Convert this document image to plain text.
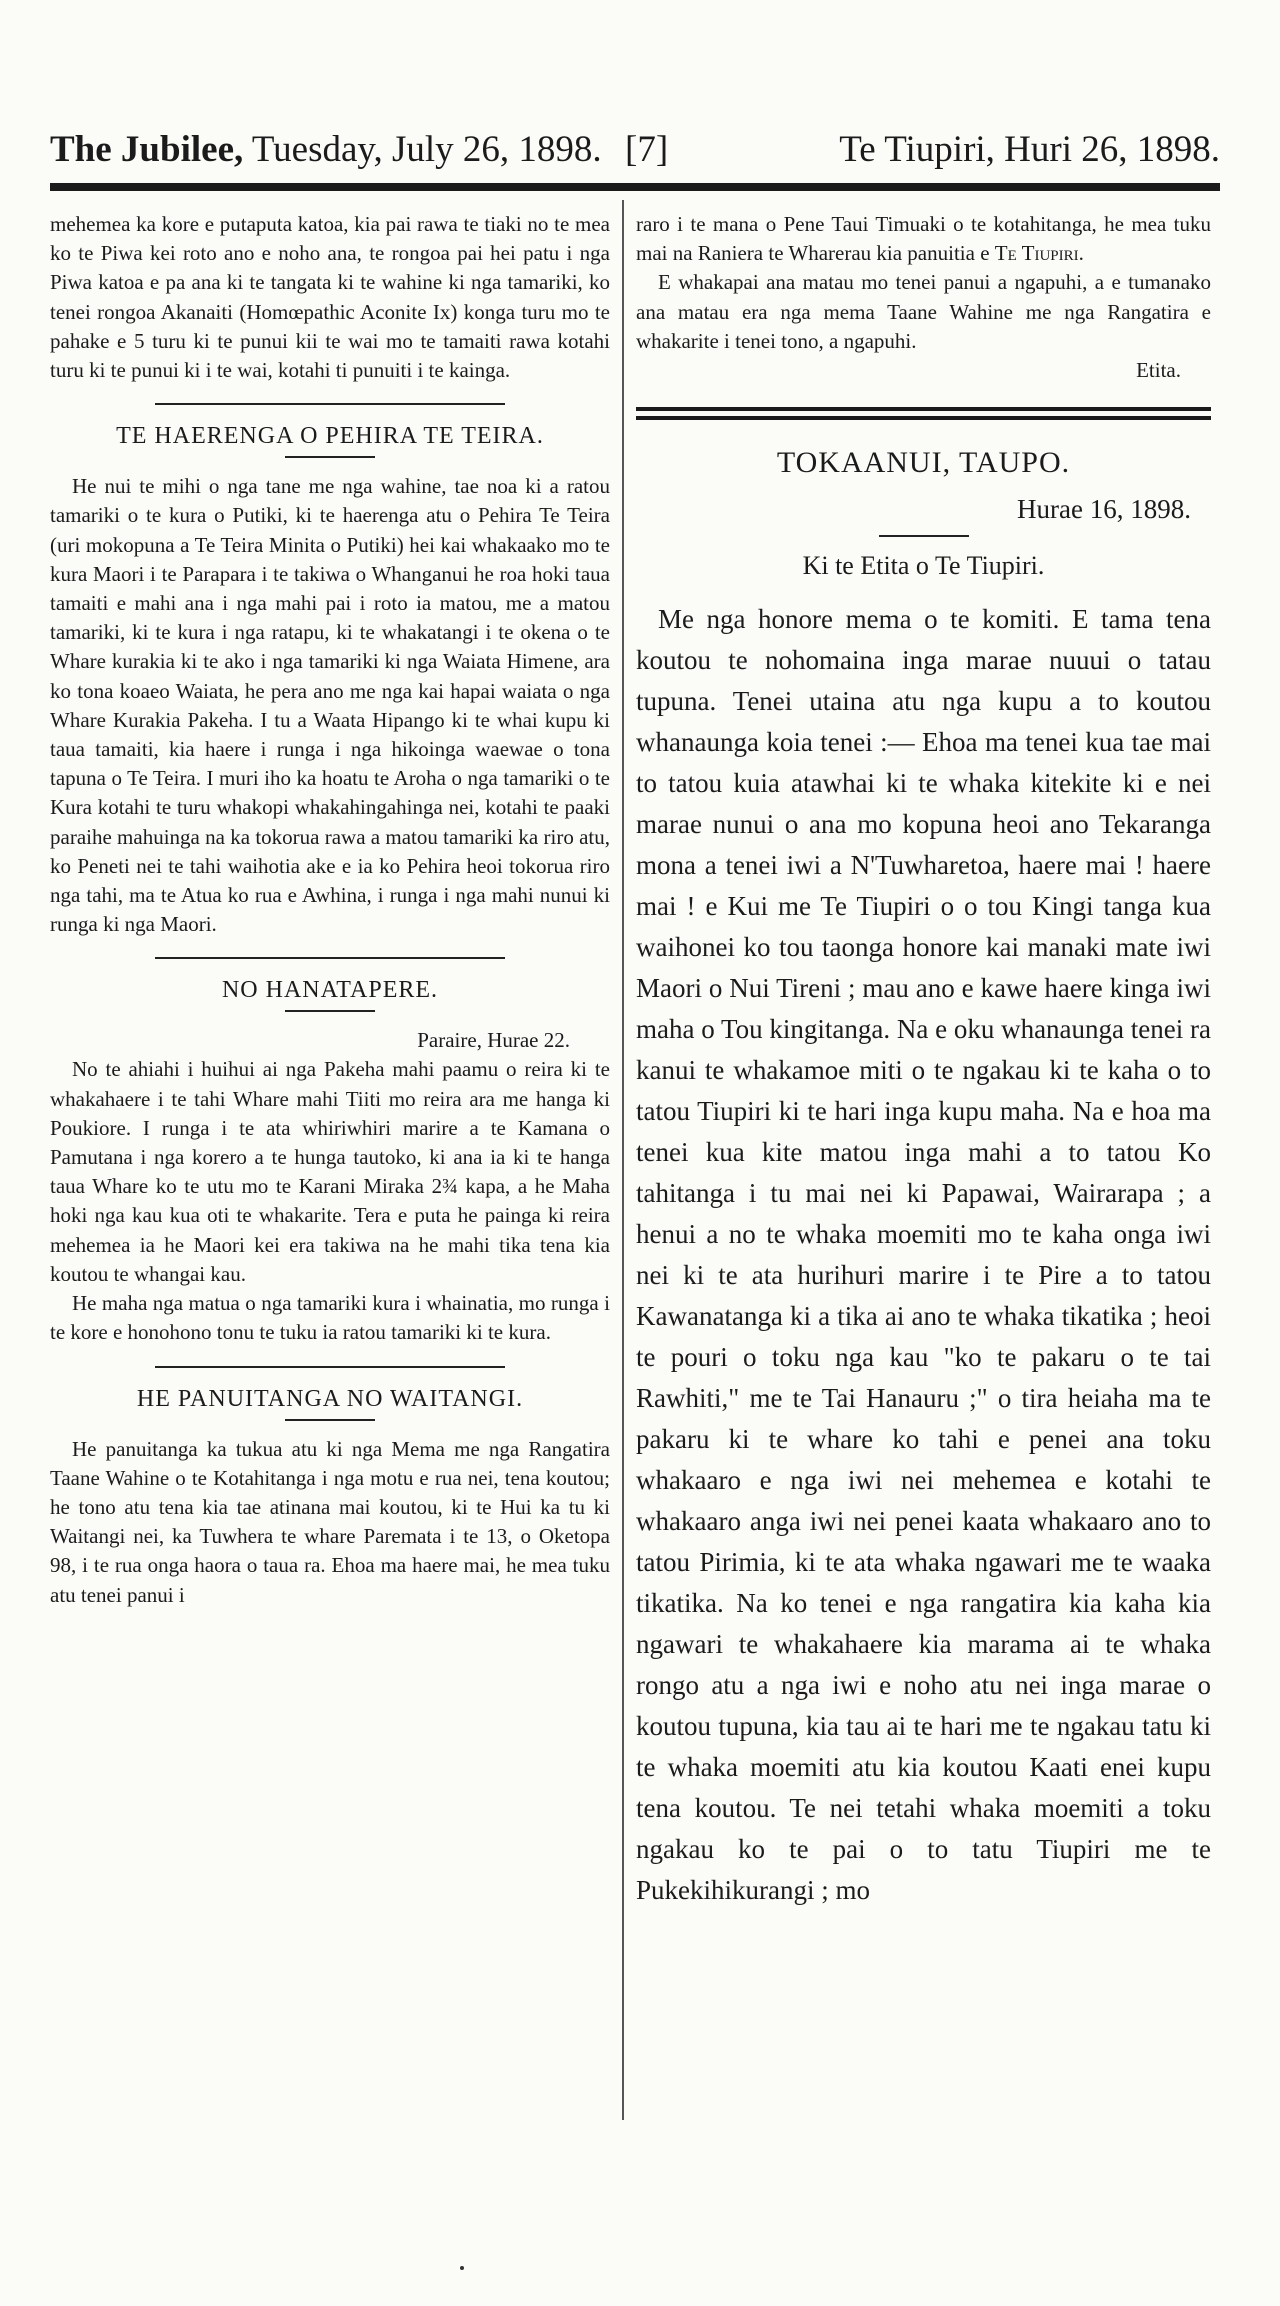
The Jubilee, Tuesday, July 26, 1898. [7]	Te Tiupiri, Huri 26, 1898.

mehemea ka kore e putaputa katoa, kia pai rawa te tiaki no te mea ko te Piwa kei roto ano e noho ana, te rongoa pai hei patu i nga Piwa katoa e pa ana ki te tangata ki te wahine ki nga tamariki, ko tenei rongoa Akanaiti (Homœpathic Aconite Ix) konga turu mo te pahake e 5 turu ki te punui kii te wai mo te tamaiti rawa kotahi turu ki te punui ki i te wai, kotahi ti punuiti i te kainga.

TE HAERENGA O PEHIRA TE TEIRA.

He nui te mihi o nga tane me nga wahine, tae noa ki a ratou tamariki o te kura o Putiki, ki te haerenga atu o Pehira Te Teira (uri mokopuna a Te Teira Minita o Putiki) hei kai whakaako mo te kura Maori i te Parapara i te takiwa o Whanganui he roa hoki taua tamaiti e mahi ana i nga mahi pai i roto ia matou, me a matou tamariki, ki te kura i nga ratapu, ki te whakatangi i te okena o te Whare kurakia ki te ako i nga tamariki ki nga Waiata Himene, ara ko tona koaeo Waiata, he pera ano me nga kai hapai waiata o nga Whare Kurakia Pakeha. I tu a Waata Hipango ki te whai kupu ki taua tamaiti, kia haere i runga i nga hikoinga waewae o tona tapuna o Te Teira. I muri iho ka hoatu te Aroha o nga tamariki o te Kura kotahi te turu whakopi whakahingahinga nei, kotahi te paaki paraihe mahuinga na ka tokorua rawa a matou tamariki ka riro atu, ko Peneti nei te tahi waihotia ake e ia ko Pehira heoi tokorua riro nga tahi, ma te Atua ko rua e Awhina, i runga i nga mahi nunui ki runga ki nga Maori.

NO HANATAPERE.
Paraire, Hurae 22.

No te ahiahi i huihui ai nga Pakeha mahi paamu o reira ki te whakahaere i te tahi Whare mahi Tiiti mo reira ara me hanga ki Poukiore. I runga i te ata whiriwhiri marire a te Kamana o Pamutana i nga korero a te hunga tautoko, ki ana ia ki te hanga taua Whare ko te utu mo te Karani Miraka 2¾ kapa, a he Maha hoki nga kau kua oti te whakarite. Tera e puta he painga ki reira mehemea ia he Maori kei era takiwa na he mahi tika tena kia koutou te whangai kau.

He maha nga matua o nga tamariki kura i whainatia, mo runga i te kore e honohono tonu te tuku ia ratou tamariki ki te kura.

HE PANUITANGA NO WAITANGI.

He panuitanga ka tukua atu ki nga Mema me nga Rangatira Taane Wahine o te Kotahitanga i nga motu e rua nei, tena koutou; he tono atu tena kia tae atinana mai koutou, ki te Hui ka tu ki Waitangi nei, ka Tuwhera te whare Paremata i te 13, o Oketopa 98, i te rua onga haora o taua ra. Ehoa ma haere mai, he mea tuku atu tenei panui i

raro i te mana o Pene Taui Timuaki o te kotahitanga, he mea tuku mai na Raniera te Wharerau kia panuitia e Te Tiupiri.

E whakapai ana matau mo tenei panui a ngapuhi, a e tumanako ana matau era nga mema Taane Wahine me nga Rangatira e whakarite i tenei tono, a ngapuhi.

Etita.
TOKAANUI, TAUPO.
Hurae 16, 1898.
Ki te Etita o Te Tiupiri.

Me nga honore mema o te komiti. E tama tena koutou te nohomaina inga marae nuuui o tatau tupuna. Tenei utaina atu nga kupu a to koutou whanaunga koia tenei :— Ehoa ma tenei kua tae mai to tatou kuia atawhai ki te whaka kitekite ki e nei marae nunui o ana mo kopuna heoi ano Tekaranga mona a tenei iwi a N'Tuwharetoa, haere mai ! haere mai ! e Kui me Te Tiupiri o o tou Kingi tanga kua waihonei ko tou taonga honore kai manaki mate iwi Maori o Nui Tireni ; mau ano e kawe haere kinga iwi maha o Tou kingitanga. Na e oku whanaunga tenei ra kanui te whakamoe miti o te ngakau ki te kaha o to tatou Tiupiri ki te hari inga kupu maha. Na e hoa ma tenei kua kite matou inga mahi a to tatou Ko tahitanga i tu mai nei ki Papawai, Wairarapa ; a henui a no te whaka moemiti mo te kaha onga iwi nei ki te ata hurihuri marire i te Pire a to tatou Kawanatanga ki a tika ai ano te whaka tikatika ; heoi te pouri o toku nga kau "ko te pakaru o te tai Rawhiti," me te Tai Hanauru ;" o tira heiaha ma te pakaru ki te whare ko tahi e penei ana toku whakaaro e nga iwi nei mehemea e kotahi te whakaaro anga iwi nei penei kaata whakaaro ano to tatou Pirimia, ki te ata whaka ngawari me te waaka tikatika. Na ko tenei e nga rangatira kia kaha kia ngawari te whakahaere kia marama ai te whaka rongo atu a nga iwi e noho atu nei inga marae o koutou tupuna, kia tau ai te hari me te ngakau tatu ki te whaka moemiti atu kia koutou Kaati enei kupu tena koutou. Te nei tetahi whaka moemiti a toku ngakau ko te pai o to tatu Tiupiri me te Pukekihikurangi ; mo
